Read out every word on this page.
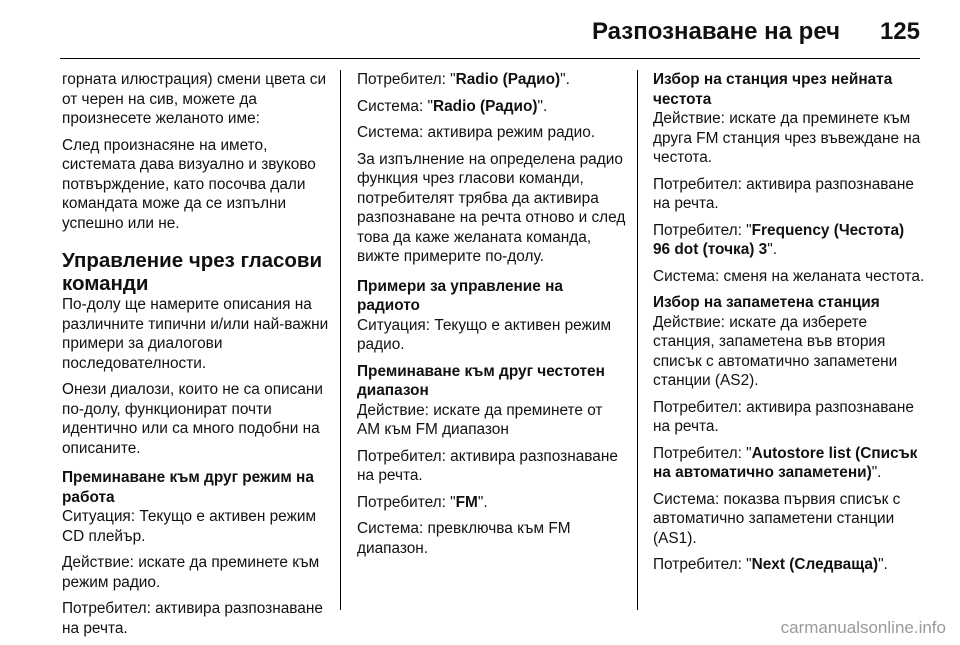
Разпознаване на реч 125

горната илюстрация) смени цвета си от черен на сив, можете да произнесете желаното име:

След произнасяне на името, системата дава визуално и звуково потвърждение, като посочва дали командата може да се изпълни успешно или не.

Управление чрез гласови команди

По-долу ще намерите описания на различните типични и/или най-важни примери за диалогови последователности.

Онези диалози, които не са описани по-долу, функционират почти идентично или са много подобни на описаните.

Преминаване към друг режим на работа

Ситуация: Текущо е активен режим CD плейър.

Действие: искате да преминете към режим радио.

Потребител: активира разпознаване на речта.

Потребител: "Radio (Радио)".

Система: "Radio (Радио)".

Система: активира режим радио.

За изпълнение на определена радио функция чрез гласови команди, потребителят трябва да активира разпознаване на речта отново и след това да каже желаната команда, вижте примерите по-долу.

Примери за управление на радиото

Ситуация: Текущо е активен режим радио.

Преминаване към друг честотен диапазон

Действие: искате да преминете от AM към FM диапазон

Потребител: активира разпознаване на речта.

Потребител: "FM".

Система: превключва към FM диапазон.

Избор на станция чрез нейната честота

Действие: искате да преминете към друга FM станция чрез въвеждане на честота.

Потребител: активира разпознаване на речта.

Потребител: "Frequency (Честота) 96 dot (точка) 3".

Система: сменя на желаната честота.

Избор на запаметена станция

Действие: искате да изберете станция, запаметена във втория списък с автоматично запаметени станции (AS2).

Потребител: активира разпознаване на речта.

Потребител: "Autostore list (Списък на автоматично запаметени)".

Система: показва първия списък с автоматично запаметени станции (AS1).

Потребител: "Next (Следваща)".

carmanualsonline.info
